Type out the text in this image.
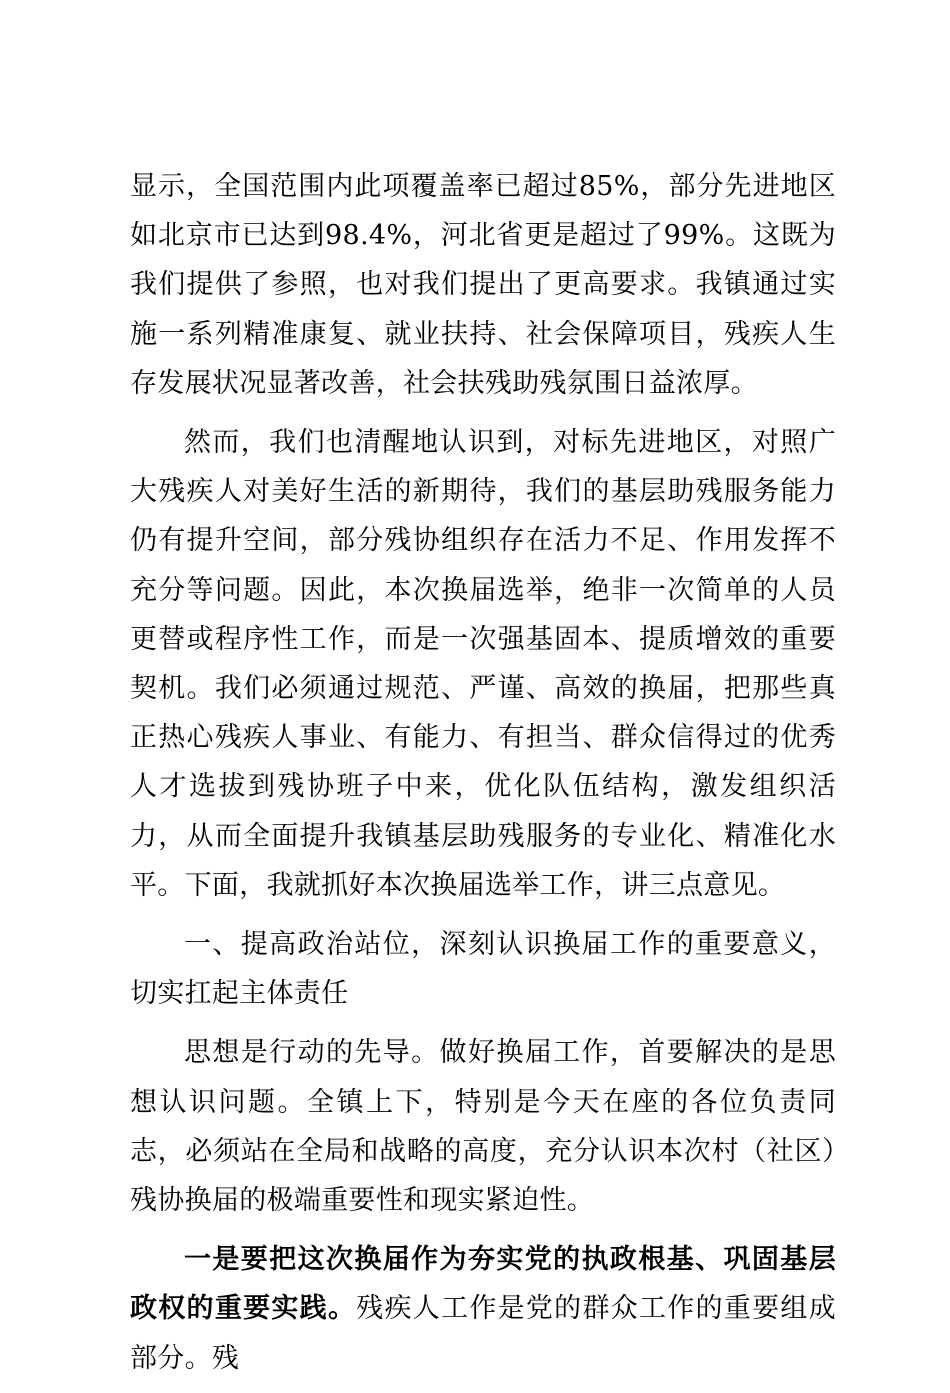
显示，全国范围内此项覆盖率已超过85%，部分先进地区如北京市已达到98.4%，河北省更是超过了99%。这既为我们提供了参照，也对我们提出了更高要求。我镇通过实施一系列精准康复、就业扶持、社会保障项目，残疾人生存发展状况显著改善，社会扶残助残氛围日益浓厚。

然而，我们也清醒地认识到，对标先进地区，对照广大残疾人对美好生活的新期待，我们的基层助残服务能力仍有提升空间，部分残协组织存在活力不足、作用发挥不充分等问题。因此，本次换届选举，绝非一次简单的人员更替或程序性工作，而是一次强基固本、提质增效的重要契机。我们必须通过规范、严谨、高效的换届，把那些真正热心残疾人事业、有能力、有担当、群众信得过的优秀人才选拔到残协班子中来，优化队伍结构，激发组织活力，从而全面提升我镇基层助残服务的专业化、精准化水平。下面，我就抓好本次换届选举工作，讲三点意见。

一、提高政治站位，深刻认识换届工作的重要意义，切实扛起主体责任

思想是行动的先导。做好换届工作，首要解决的是思想认识问题。全镇上下，特别是今天在座的各位负责同志，必须站在全局和战略的高度，充分认识本次村（社区）残协换届的极端重要性和现实紧迫性。

一是要把这次换届作为夯实党的执政根基、巩固基层政权的重要实践。残疾人工作是党的群众工作的重要组成部分。残
